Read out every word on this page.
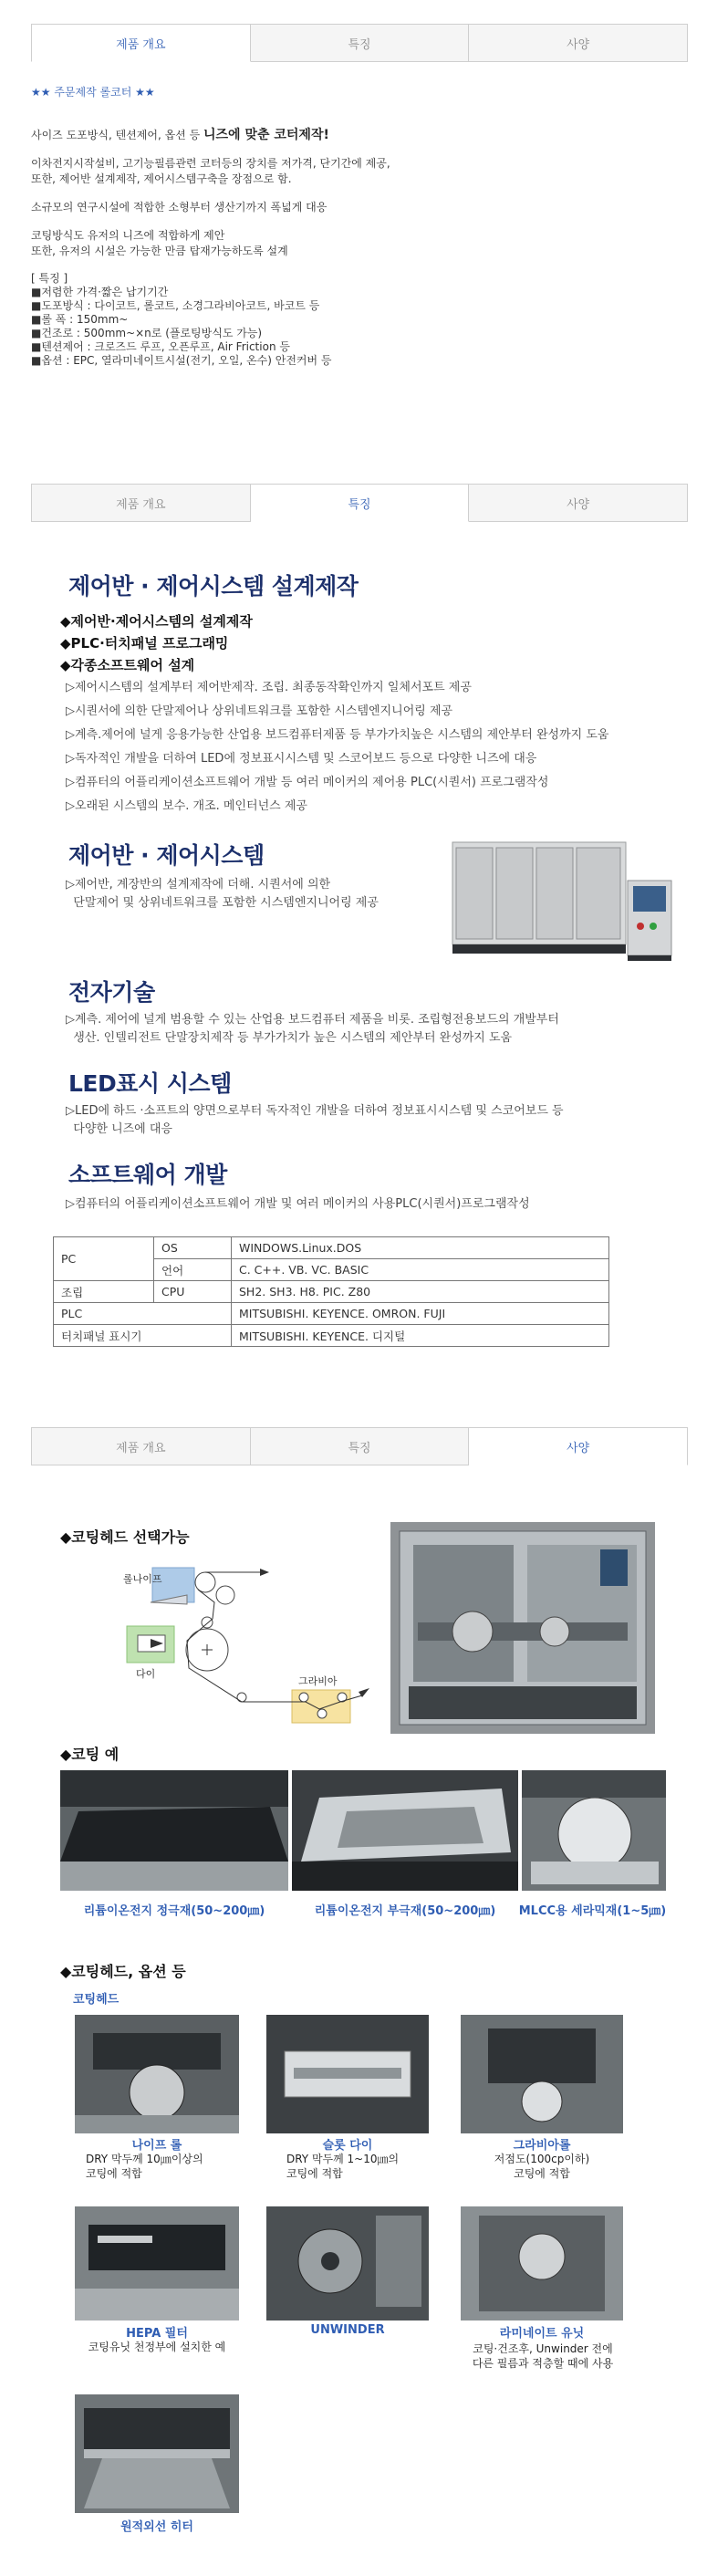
제품 개요	특징	사양
★★ 주문제작 롤코터 ★★

사이즈 도포방식, 텐션제어, 옵션 등 니즈에 맞춘 코터제작!

이차전지시작설비, 고기능필름관련 코터등의 장치를 저가격, 단기간에 제공,
또한, 제어반 설계제작, 제어시스템구축을 장점으로 함.

소규모의 연구시설에 적합한 소형부터 생산기까지 폭넓게 대응

코팅방식도 유저의 니즈에 적합하게 제안
또한, 유저의 시설은 가능한 만큼 탑재가능하도록 설계

[ 특징 ]
■저렴한 가격·짧은 납기기간
■도포방식 : 다이코트, 롤코트, 소경그라비아코트, 바코트 등
■롤 폭 : 150mm~
■건조로 : 500mm~×n로 (플로팅방식도 가능)
■텐션제어 : 크로즈드 루프, 오픈루프, Air Friction 등
■옵션 : EPC, 열라미네이트시설(전기, 오일, 온수) 안전커버 등
제품 개요	특징	사양
제어반 · 제어시스템 설계제작
◆제어반·제어시스템의 설계제작
◆PLC·터치패널 프로그래밍
◆각종소프트웨어 설계
▷제어시스템의 설계부터 제어반제작. 조립. 최종동작확인까지 일체서포트 제공
▷시퀀서에 의한 단말제어나 상위네트워크를 포함한 시스템엔지니어링 제공
▷계측.제어에 널게 응용가능한 산업용 보드컴퓨터제품 등 부가가치높은 시스템의 제안부터 완성까지 도움
▷독자적인 개발을 더하여 LED에 정보표시시스템 및 스코어보드 등으로 다양한 니즈에 대응
▷컴퓨터의 어플리케이션소프트웨어 개발 등 여러 메이커의 제어용 PLC(시퀀서) 프로그램작성
▷오래된 시스템의 보수. 개조. 메인터넌스 제공
제어반 · 제어시스템
▷제어반, 계장반의 설계제작에 더해. 시퀀서에 의한
단말제어 및 상위네트워크를 포함한 시스템엔지니어링 제공
전자기술
▷계측. 제어에 널게 범용할 수 있는 산업용 보드컴퓨터 제품을 비롯. 조립형전용보드의 개발부터
생산. 인텔리전트 단말장치제작 등 부가가치가 높은 시스템의 제안부터 완성까지 도움
LED표시 시스템
▷LED에 하드 ·소프트의 양면으로부터 독자적인 개발을 더하여 정보표시시스템 및 스코어보드 등
다양한 니즈에 대응
소프트웨어 개발
▷컴퓨터의 어플리케이션소프트웨어 개발 및 여러 메이커의 사용PLC(시퀀서)프로그램작성
PC	OS	WINDOWS.Linux.DOS
	언어	C. C++. VB. VC. BASIC
조립	CPU	SH2. SH3. H8. PIC. Z80
PLC		MITSUBISHI. KEYENCE. OMRON. FUJI
터치패널 표시기		MITSUBISHI. KEYENCE. 디지털
제품 개요	특징	사양
◆코팅헤드 선택가능
롤나이프
다이
그라비아
◆코팅 예
리튬이온전지 정극재(50~200㎛)	리튬이온전지 부극재(50~200㎛)	MLCC용 세라믹재(1~5㎛)
◆코팅헤드, 옵션 등
코팅헤드
나이프 롤
DRY 막두께 10㎛이상의
코팅에 적합
슬롯 다이
DRY 막두께 1~10㎛의
코팅에 적합
그라비아롤
저점도(100cp이하)
코팅에 적합
HEPA 필터
코팅유닛 천정부에 설치한 예
UNWINDER	라미네이트 유닛
코팅·건조후, Unwinder 전에
다른 필름과 적층할 때에 사용
원적외선 히터
